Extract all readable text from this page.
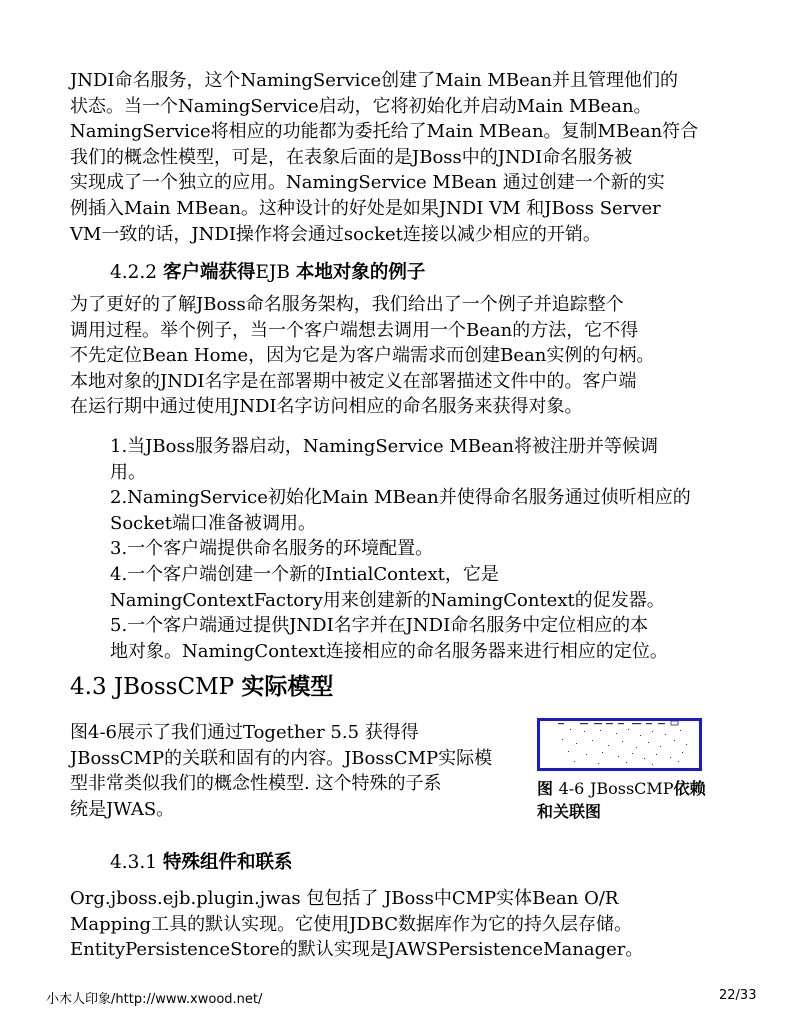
JNDI命名服务，这个NamingService创建了Main MBean并且管理他们的
状态。当一个NamingService启动，它将初始化并启动Main MBean。
NamingService将相应的功能都为委托给了Main MBean。复制MBean符合
我们的概念性模型，可是，在表象后面的是JBoss中的JNDI命名服务被
实现成了一个独立的应用。NamingService MBean 通过创建一个新的实
例插入Main MBean。这种设计的好处是如果JNDI VM 和JBoss Server
VM一致的话，JNDI操作将会通过socket连接以减少相应的开销。
4.2.2 客户端获得EJB 本地对象的例子
为了更好的了解JBoss命名服务架构，我们给出了一个例子并追踪整个
调用过程。举个例子，当一个客户端想去调用一个Bean的方法，它不得
不先定位Bean Home，因为它是为客户端需求而创建Bean实例的句柄。
本地对象的JNDI名字是在部署期中被定义在部署描述文件中的。客户端
在运行期中通过使用JNDI名字访问相应的命名服务来获得对象。
1.当JBoss服务器启动，NamingService MBean将被注册并等候调
用。
2.NamingService初始化Main MBean并使得命名服务通过侦听相应的
Socket端口准备被调用。
3.一个客户端提供命名服务的环境配置。
4.一个客户端创建一个新的IntialContext，它是
NamingContextFactory用来创建新的NamingContext的促发器。
5.一个客户端通过提供JNDI名字并在JNDI命名服务中定位相应的本
地对象。NamingContext连接相应的命名服务器来进行相应的定位。
4.3 JBossCMP 实际模型
图4-6展示了我们通过Together 5.5 获得得
JBossCMP的关联和固有的内容。JBossCMP实际模
型非常类似我们的概念性模型. 这个特殊的子系
统是JWAS。
图 4-6 JBossCMP依赖
和关联图
4.3.1 特殊组件和联系
Org.jboss.ejb.plugin.jwas 包包括了 JBoss中CMP实体Bean O/R
Mapping工具的默认实现。它使用JDBC数据库作为它的持久层存储。
EntityPersistenceStore的默认实现是JAWSPersistenceManager。
小木人印象/http://www.xwood.net/	22/33
